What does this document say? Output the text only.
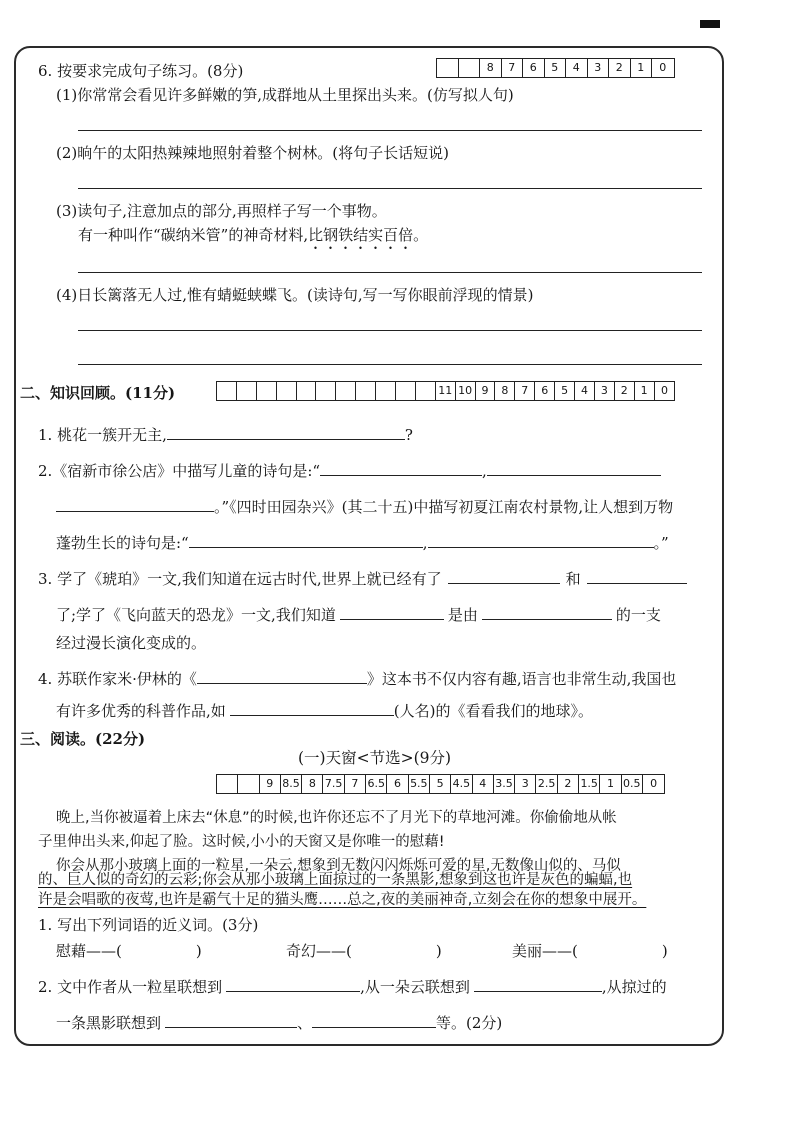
6. 按要求完成句子练习。(8分)	8	7	6	5	4	3	2	1	0
(1)你常常会看见许多鲜嫩的笋,成群地从土里探出头来。(仿写拟人句)
(2)晌午的太阳热辣辣地照射着整个树林。(将句子长话短说)
(3)读句子,注意加点的部分,再照样子写一个事物。
有一种叫作“碳纳米管”的神奇材料,比钢铁结实百倍。
(4)日长篱落无人过,惟有蜻蜓蛱蝶飞。(读诗句,写一写你眼前浮现的情景)
二、知识回顾。(11分)	11 10 9	8	7	6	5	4	3	2	1	0
1. 桃花一簇开无主,	?
2.《宿新市徐公店》中描写儿童的诗句是:“	,
。”《四时田园杂兴》(其二十五)中描写初夏江南农村景物,让人想到万物
蓬勃生长的诗句是:“	,	。”
3. 学了《琥珀》一文,我们知道在远古时代,世界上就已经有了	和
了;学了《飞向蓝天的恐龙》一文,我们知道	是由	的一支
经过漫长演化变成的。
4. 苏联作家米·伊林的《	》这本书不仅内容有趣,语言也非常生动,我国也
有许多优秀的科普作品,如	(人名)的《看看我们的地球》。
三、阅读。(22分)
(一)天窗<节选>(9分)
9 8.5 8 7.5 7 6.5 6 5.5 5 4.5 4 3.5 3 2.5 2 1.5 1 0.5 0
晚上,当你被逼着上床去“休息”的时候,也许你还忘不了月光下的草地河滩。你偷偷地从帐
子里伸出头来,仰起了脸。这时候,小小的天窗又是你唯一的慰藉!
你会从那小玻璃上面的一粒星,一朵云,想象到无数闪闪烁烁可爱的星,无数像山似的、马似
的、巨人似的奇幻的云彩;你会从那小玻璃上面掠过的一条黑影,想象到这也许是灰色的蝙蝠,也
许是会唱歌的夜莺,也许是霸气十足的猫头鹰……总之,夜的美丽神奇,立刻会在你的想象中展开。
1. 写出下列词语的近义词。(3分)
慰藉——(	)	奇幻——(	)	美丽——(	)
2. 文中作者从一粒星联想到	,从一朵云联想到	,从掠过的
一条黑影联想到	、	等。(2分)
